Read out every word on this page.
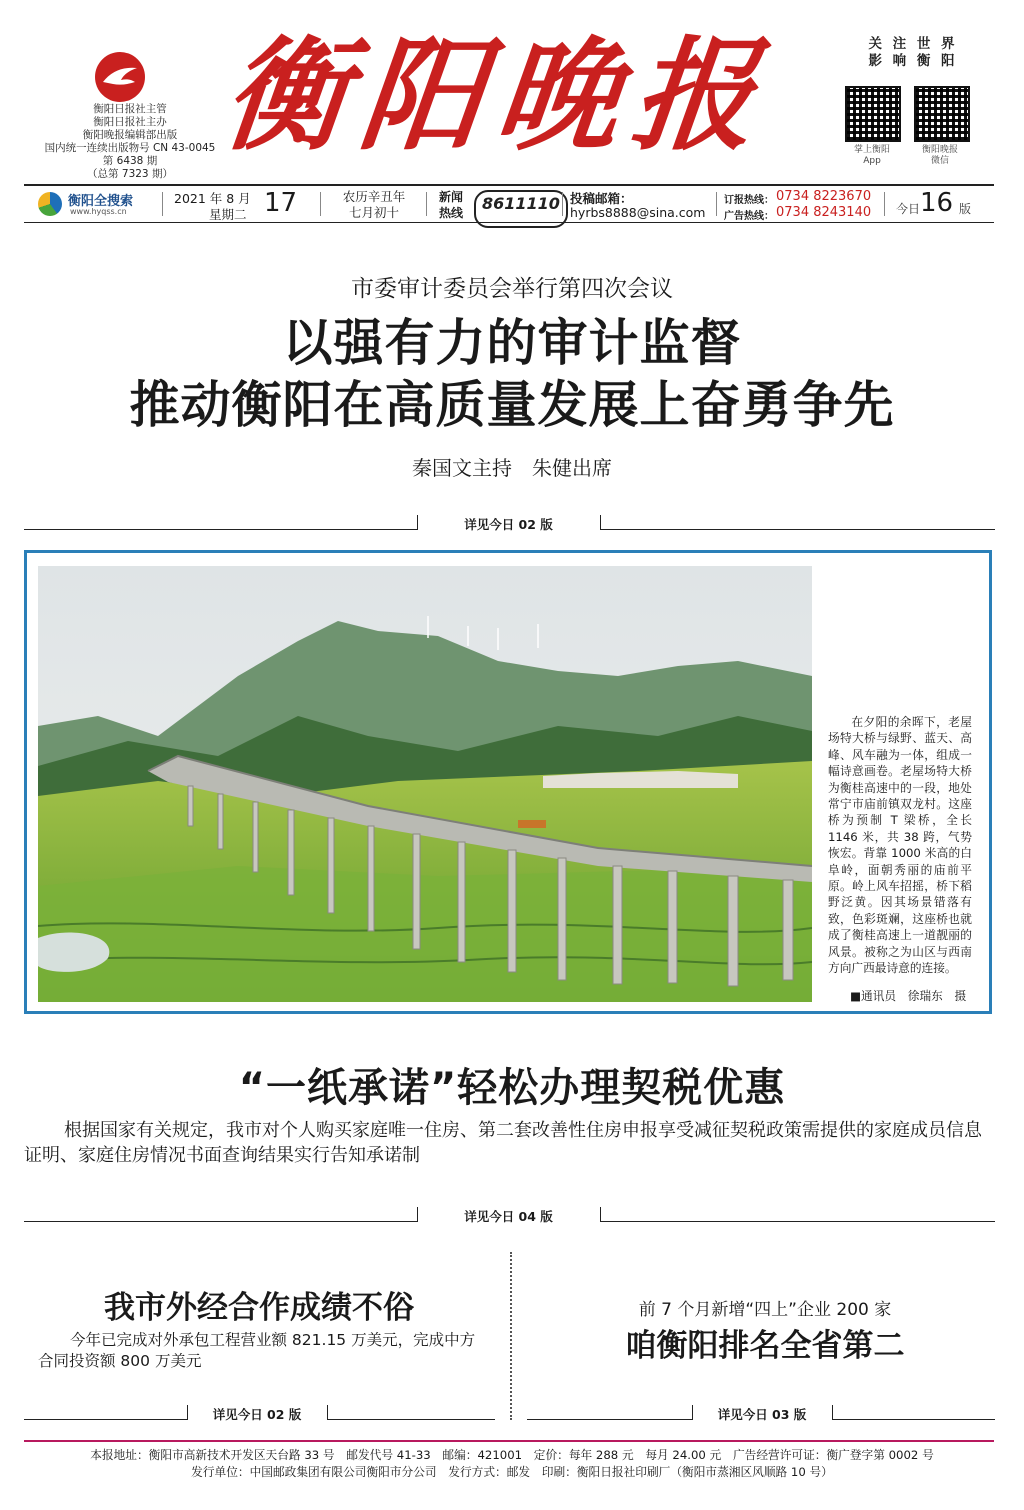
衡阳日报社主管
衡阳日报社主办
衡阳晚报编辑部出版
国内统一连续出版物号 CN 43-0045
第 6438 期
（总第 7323 期）
衡阳晚报	关 注 世 界
影 响 衡 阳
掌上衡阳
App
衡阳晚报
微信
衡阳全搜索
www.hyqss.cn
2021 年 8 月
星期二 17	农历辛丑年
七月初十
新闻
热线	8611110 投稿邮箱：
hyrbs8888@sina.com
订报热线： 0734 8223670
广告热线： 0734 8243140 今日 16 版
市委审计委员会举行第四次会议
以强有力的审计监督
推动衡阳在高质量发展上奋勇争先
秦国文主持　朱健出席
详见今日 02 版

在夕阳的余晖下，老屋场特大桥与绿野、蓝天、高峰、风车融为一体，组成一幅诗意画卷。老屋场特大桥为衡桂高速中的一段，地处常宁市庙前镇双龙村。这座桥为预制 T 梁桥，全长 1146 米，共 38 跨，气势恢宏。背靠 1000 米高的白阜岭，面朝秀丽的庙前平原。岭上风车招摇，桥下稻野泛黄。因其场景错落有致，色彩斑斓，这座桥也就成了衡桂高速上一道靓丽的风景。被称之为山区与西南方向广西最诗意的连接。

■通讯员　徐瑞东　摄
“一纸承诺”轻松办理契税优惠
根据国家有关规定，我市对个人购买家庭唯一住房、第二套改善性住房申报享受减征契税政策需提供的家庭成员信息证明、家庭住房情况书面查询结果实行告知承诺制
详见今日 04 版
我市外经合作成绩不俗
今年已完成对外承包工程营业额 821.15 万美元，完成中方合同投资额 800 万美元
详见今日 02 版
前 7 个月新增“四上”企业 200 家
咱衡阳排名全省第二
详见今日 03 版
本报地址：衡阳市高新技术开发区天台路 33 号　邮发代号 41-33　邮编：421001　定价：每年 288 元　每月 24.00 元　广告经营许可证：衡广登字第 0002 号
发行单位：中国邮政集团有限公司衡阳市分公司　发行方式：邮发　印刷：衡阳日报社印刷厂（衡阳市蒸湘区风顺路 10 号）
